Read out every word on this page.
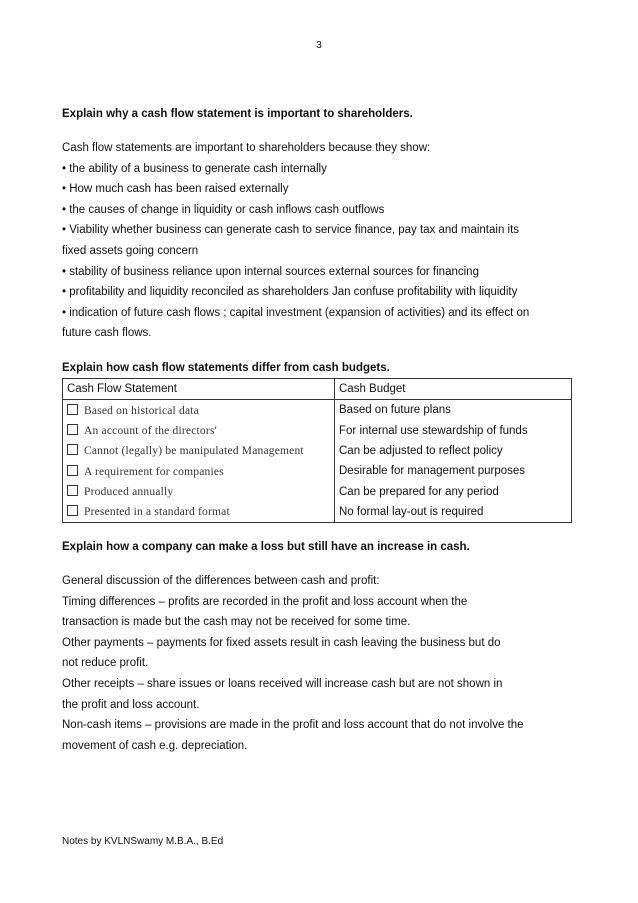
3
Explain why a cash flow statement is important to shareholders.
Cash flow statements are important to shareholders because they show:
• the ability of a business to generate cash internally
• How much cash has been raised externally
• the causes of change in liquidity or cash inflows cash outflows
• Viability whether business can generate cash to service finance, pay tax and maintain its
fixed assets going concern
• stability of business reliance upon internal sources external sources for financing
• profitability and liquidity reconciled as shareholders Jan confuse profitability with liquidity
• indication of future cash flows ; capital investment (expansion of activities) and its effect on
future cash flows.
Explain how cash flow statements differ from cash budgets.
Cash Flow Statement	Cash Budget
Based on historical data	Based on future plans
An account of the directors'	For internal use stewardship of funds
Cannot (legally) be manipulated Management	Can be adjusted to reflect policy
A requirement for companies	Desirable for management purposes
Produced annually	Can be prepared for any period
Presented in a standard format	No formal lay-out is required
Explain how a company can make a loss but still have an increase in cash.
General discussion of the differences between cash and profit:
Timing differences – profits are recorded in the profit and loss account when the
transaction is made but the cash may not be received for some time.
Other payments – payments for fixed assets result in cash leaving the business but do
not reduce profit.
Other receipts – share issues or loans received will increase cash but are not shown in
the profit and loss account.
Non-cash items – provisions are made in the profit and loss account that do not involve the
movement of cash e.g. depreciation.
Notes by KVLNSwamy M.B.A., B.Ed
